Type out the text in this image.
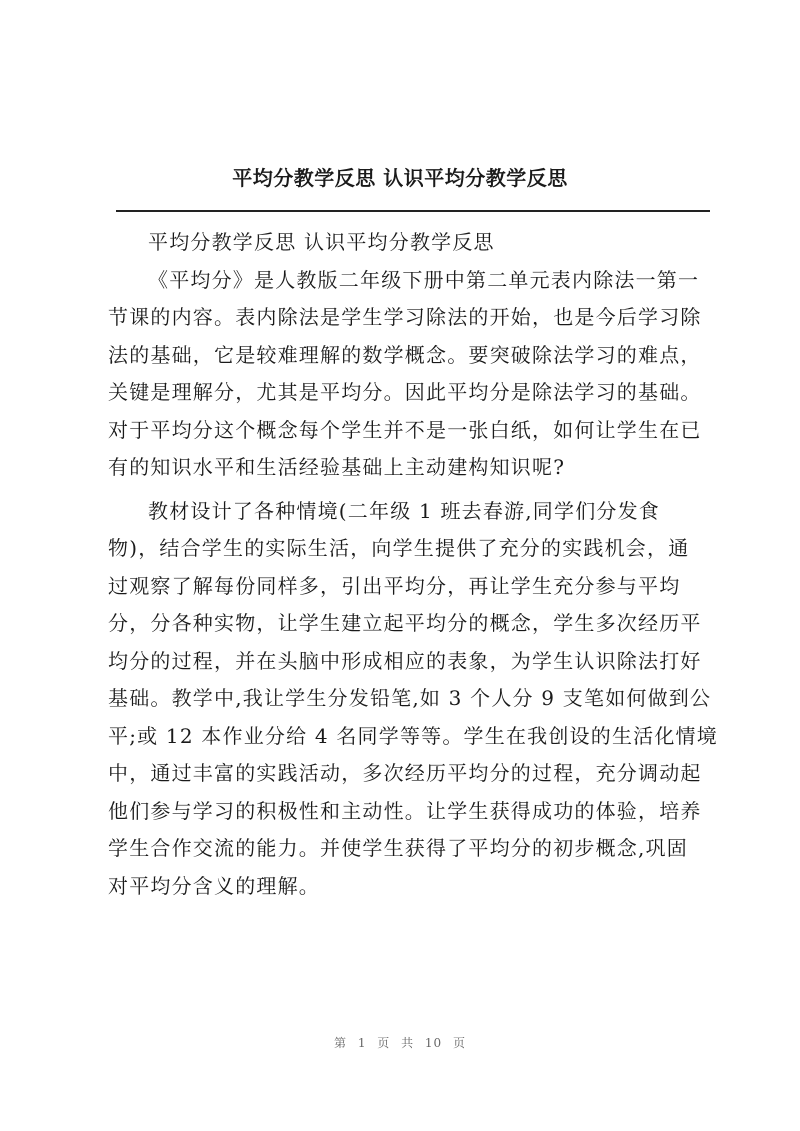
平均分教学反思 认识平均分教学反思
平均分教学反思 认识平均分教学反思
《平均分》是人教版二年级下册中第二单元表内除法一第一
节课的内容。表内除法是学生学习除法的开始，也是今后学习除
法的基础，它是较难理解的数学概念。要突破除法学习的难点，
关键是理解分，尤其是平均分。因此平均分是除法学习的基础。
对于平均分这个概念每个学生并不是一张白纸，如何让学生在已
有的知识水平和生活经验基础上主动建构知识呢?
教材设计了各种情境(二年级 1 班去春游,同学们分发食
物)，结合学生的实际生活，向学生提供了充分的实践机会，通
过观察了解每份同样多，引出平均分，再让学生充分参与平均
分，分各种实物，让学生建立起平均分的概念，学生多次经历平
均分的过程，并在头脑中形成相应的表象，为学生认识除法打好
基础。教学中,我让学生分发铅笔,如 3 个人分 9 支笔如何做到公
平;或 12 本作业分给 4 名同学等等。学生在我创设的生活化情境
中，通过丰富的实践活动，多次经历平均分的过程，充分调动起
他们参与学习的积极性和主动性。让学生获得成功的体验，培养
学生合作交流的能力。并使学生获得了平均分的初步概念,巩固
对平均分含义的理解。
第 1 页 共 10 页
